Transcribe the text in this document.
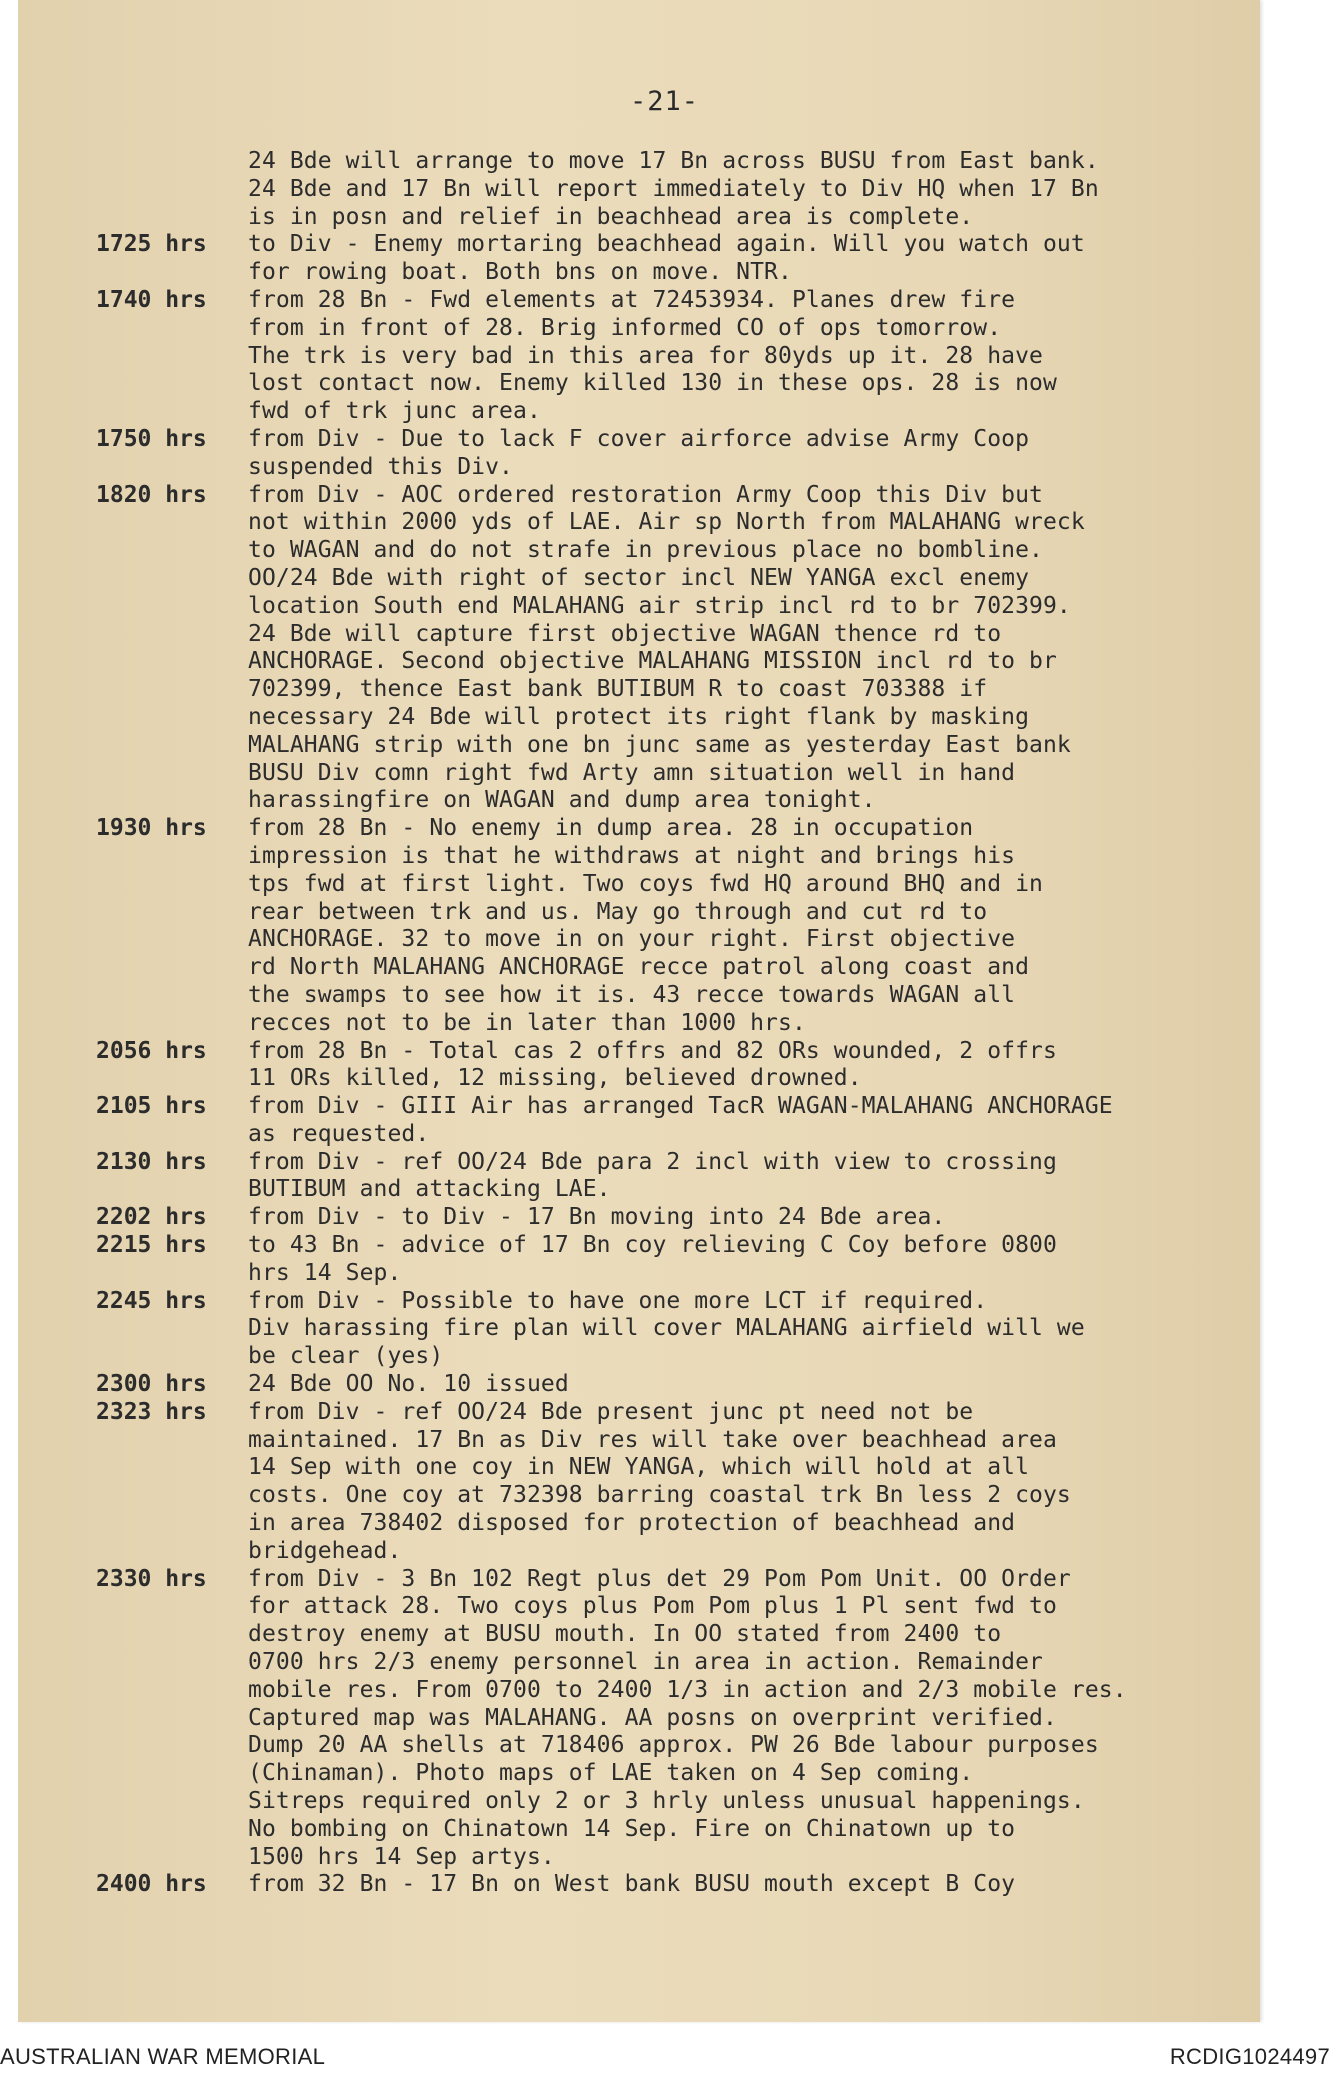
-21-
24 Bde will arrange to move 17 Bn across BUSU from East bank.
24 Bde and 17 Bn will report immediately to Div HQ when 17 Bn
is in posn and relief in beachhead area is complete.
1725 hrs	to Div - Enemy mortaring beachhead again. Will you watch out
for rowing boat. Both bns on move. NTR.
1740 hrs	from 28 Bn - Fwd elements at 72453934. Planes drew fire
from in front of 28. Brig informed CO of ops tomorrow.
The trk is very bad in this area for 80yds up it. 28 have
lost contact now. Enemy killed 130 in these ops. 28 is now
fwd of trk junc area.
1750 hrs	from Div - Due to lack F cover airforce advise Army Coop
suspended this Div.
1820 hrs	from Div - AOC ordered restoration Army Coop this Div but
not within 2000 yds of LAE. Air sp North from MALAHANG wreck
to WAGAN and do not strafe in previous place no bombline.
OO/24 Bde with right of sector incl NEW YANGA excl enemy
location South end MALAHANG air strip incl rd to br 702399.
24 Bde will capture first objective WAGAN thence rd to
ANCHORAGE. Second objective MALAHANG MISSION incl rd to br
702399, thence East bank BUTIBUM R to coast 703388 if
necessary 24 Bde will protect its right flank by masking
MALAHANG strip with one bn junc same as yesterday East bank
BUSU Div comn right fwd Arty amn situation well in hand
harassingfire on WAGAN and dump area tonight.
1930 hrs	from 28 Bn - No enemy in dump area. 28 in occupation
impression is that he withdraws at night and brings his
tps fwd at first light. Two coys fwd HQ around BHQ and in
rear between trk and us. May go through and cut rd to
ANCHORAGE. 32 to move in on your right. First objective
rd North MALAHANG ANCHORAGE recce patrol along coast and
the swamps to see how it is. 43 recce towards WAGAN all
recces not to be in later than 1000 hrs.
2056 hrs	from 28 Bn - Total cas 2 offrs and 82 ORs wounded, 2 offrs
11 ORs killed, 12 missing, believed drowned.
2105 hrs	from Div - GIII Air has arranged TacR WAGAN-MALAHANG ANCHORAGE
as requested.
2130 hrs	from Div - ref OO/24 Bde para 2 incl with view to crossing
BUTIBUM and attacking LAE.
2202 hrs	from Div - to Div - 17 Bn moving into 24 Bde area.
2215 hrs	to 43 Bn - advice of 17 Bn coy relieving C Coy before 0800
hrs 14 Sep.
2245 hrs	from Div - Possible to have one more LCT if required.
Div harassing fire plan will cover MALAHANG airfield will we
be clear (yes)
2300 hrs	24 Bde OO No. 10 issued
2323 hrs	from Div - ref OO/24 Bde present junc pt need not be
maintained. 17 Bn as Div res will take over beachhead area
14 Sep with one coy in NEW YANGA, which will hold at all
costs. One coy at 732398 barring coastal trk Bn less 2 coys
in area 738402 disposed for protection of beachhead and
bridgehead.
2330 hrs	from Div - 3 Bn 102 Regt plus det 29 Pom Pom Unit. OO Order
for attack 28. Two coys plus Pom Pom plus 1 Pl sent fwd to
destroy enemy at BUSU mouth. In OO stated from 2400 to
0700 hrs 2/3 enemy personnel in area in action. Remainder
mobile res. From 0700 to 2400 1/3 in action and 2/3 mobile res.
Captured map was MALAHANG. AA posns on overprint verified.
Dump 20 AA shells at 718406 approx. PW 26 Bde labour purposes
(Chinaman). Photo maps of LAE taken on 4 Sep coming.
Sitreps required only 2 or 3 hrly unless unusual happenings.
No bombing on Chinatown 14 Sep. Fire on Chinatown up to
1500 hrs 14 Sep artys.
2400 hrs	from 32 Bn - 17 Bn on West bank BUSU mouth except B Coy
AUSTRALIAN WAR MEMORIAL	RCDIG1024497
